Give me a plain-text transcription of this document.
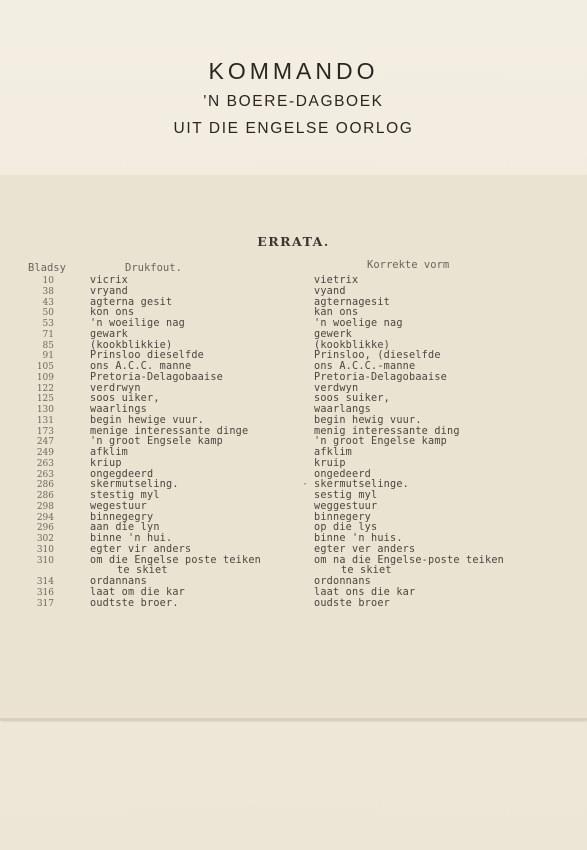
KOMMANDO
'N BOERE-DAGBOEK
UIT DIE ENGELSE OORLOG
ERRATA.
Bladsy	Drukfout.	Korrekte vorm
10	vicrix	vietrix
38	vryand	vyand
43	agterna gesit	agternagesit
50	kon ons	kan ons
53	'n woeilige nag	'n woelige nag
71	gewark	gewerk
85	(kookblikkie)	(kookblikke)
91	Prinsloo dieselfde	Prinsloo, (dieselfde
105	ons A.C.C. manne	ons A.C.C.-manne
109	Pretoria-Delagobaaise	Pretoria-Delagobaaise
122	verdrwyn	verdwyn
125	soos uiker,	soos suiker,
130	waarlings	waarlangs
131	begin hewige vuur.	begin hewig vuur.
173	menige interessante dinge	menig interessante ding
247	'n groot Engsele kamp	'n groot Engelse kamp
249	afklim	afklim
263	kriup	kruip
263	ongegdeerd	ongedeerd
286	skermutseling.	· skermutselinge.
286	stestig myl	sestig myl
298	wegestuur	weggestuur
294	binnegegry	binnegery
296	aan die lyn	op die lys
302	binne 'n hui.	binne 'n huis.
310	egter vir anders	egter ver anders
310	om die Engelse poste teiken	om na die Engelse-poste teiken
te skiet	te skiet
314	ordannans	ordonnans
316	laat om die kar	laat ons die kar
317	oudtste broer.	oudste broer
